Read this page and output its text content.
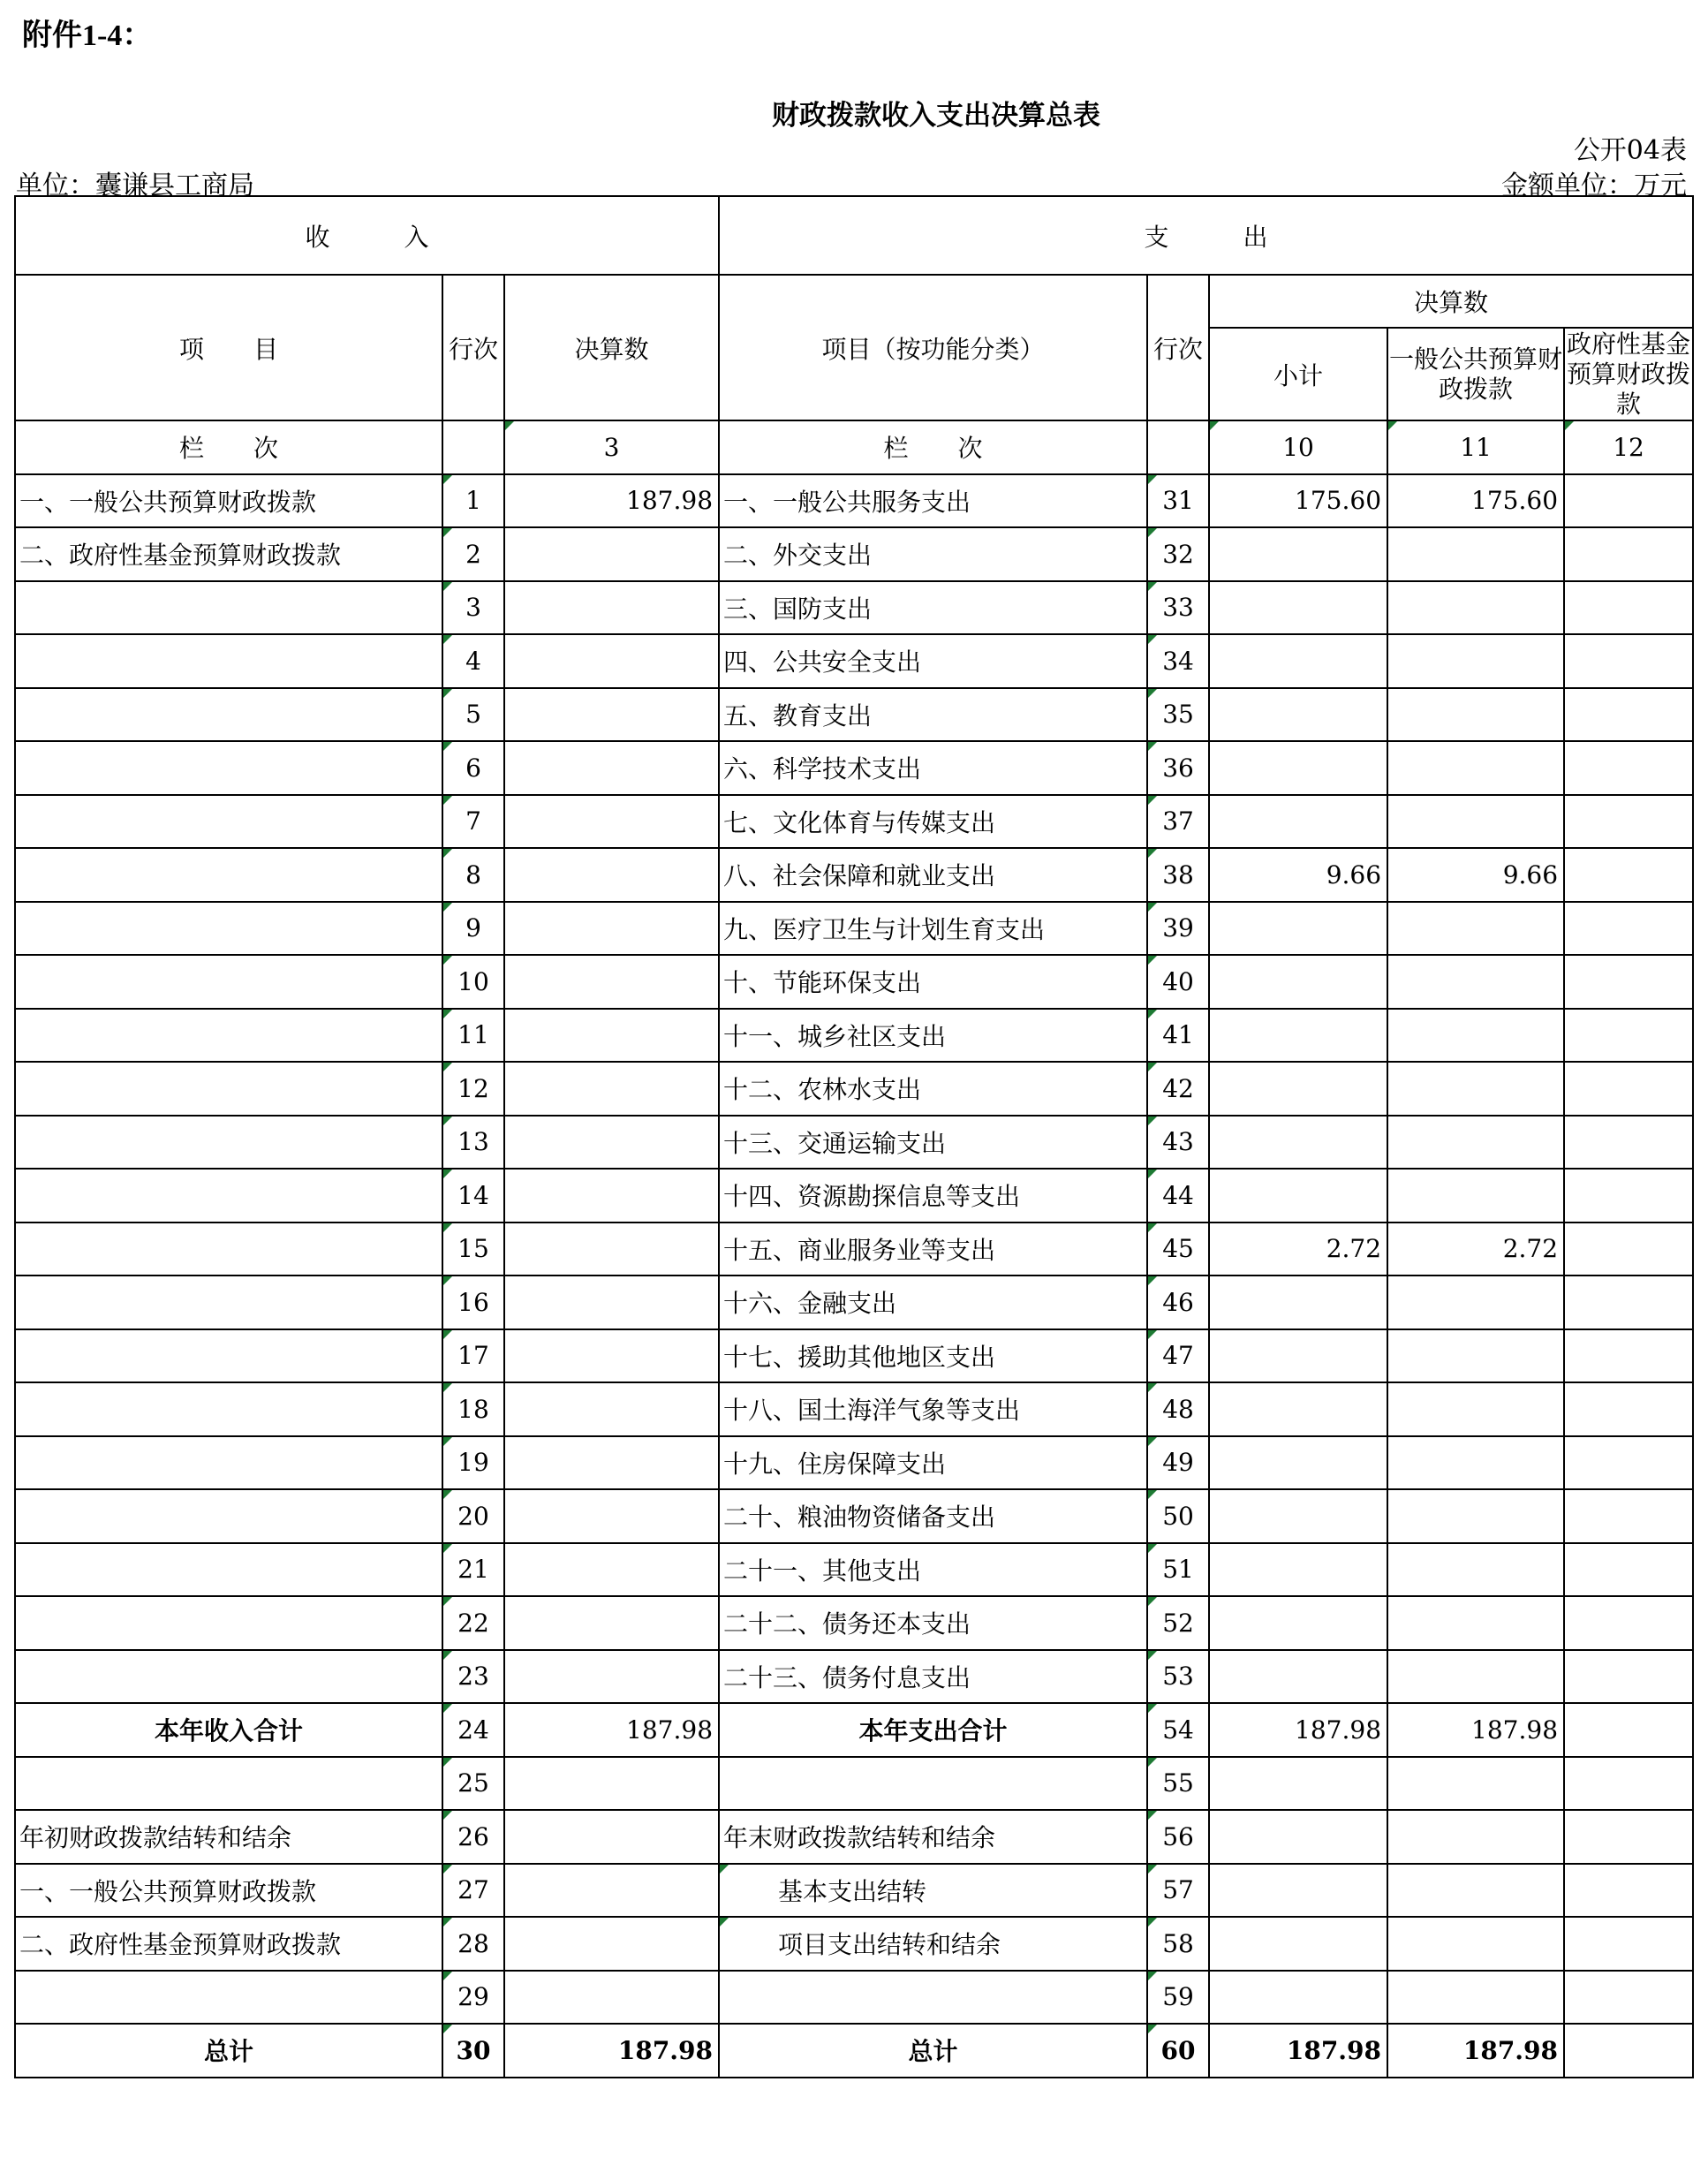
附件1-4：
财政拨款收入支出决算总表
公开04表
单位：囊谦县工商局	金额单位：万元
收　　　入			支　　　出				
项　　目	行次	决算数	项目（按功能分类）	行次	决算数		
					小计	一般公共预算财政拨款	政府性基金预算财政拨款
栏　　次		3	栏　　次		10	11	12
一、一般公共预算财政拨款	1	187.98	一、一般公共服务支出	31	175.60	175.60	
二、政府性基金预算财政拨款	2		二、外交支出	32			
	3		三、国防支出	33			
	4		四、公共安全支出	34			
	5		五、教育支出	35			
	6		六、科学技术支出	36			
	7		七、文化体育与传媒支出	37			
	8		八、社会保障和就业支出	38	9.66	9.66	
	9		九、医疗卫生与计划生育支出	39			
	10		十、节能环保支出	40			
	11		十一、城乡社区支出	41			
	12		十二、农林水支出	42			
	13		十三、交通运输支出	43			
	14		十四、资源勘探信息等支出	44			
	15		十五、商业服务业等支出	45	2.72	2.72	
	16		十六、金融支出	46			
	17		十七、援助其他地区支出	47			
	18		十八、国土海洋气象等支出	48			
	19		十九、住房保障支出	49			
	20		二十、粮油物资储备支出	50			
	21		二十一、其他支出	51			
	22		二十二、债务还本支出	52			
	23		二十三、债务付息支出	53			
本年收入合计	24	187.98	本年支出合计	54	187.98	187.98	
	25			55			
年初财政拨款结转和结余	26		年末财政拨款结转和结余	56			
一、一般公共预算财政拨款	27		基本支出结转	57			
二、政府性基金预算财政拨款	28		项目支出结转和结余	58			
	29			59			
总计	30	187.98	总计	60	187.98	187.98	
